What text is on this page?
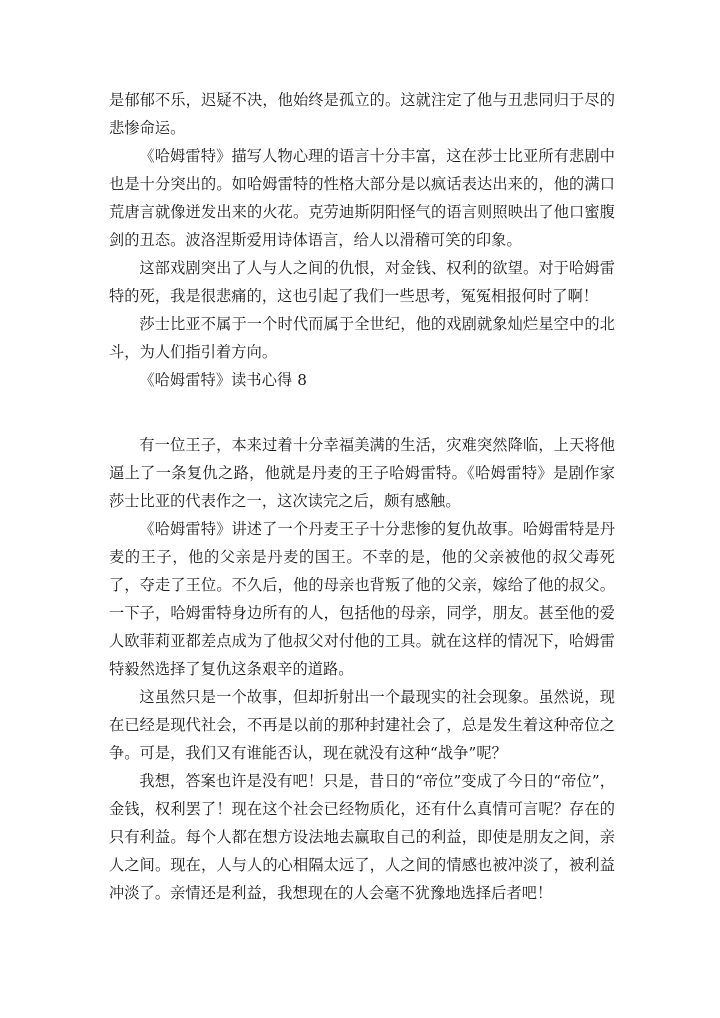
是郁郁不乐，迟疑不决，他始终是孤立的。这就注定了他与丑悲同归于尽的悲惨命运。

《哈姆雷特》描写人物心理的语言十分丰富，这在莎士比亚所有悲剧中也是十分突出的。如哈姆雷特的性格大部分是以疯话表达出来的，他的满口荒唐言就像迸发出来的火花。克劳迪斯阴阳怪气的语言则照映出了他口蜜腹剑的丑态。波洛涅斯爱用诗体语言，给人以滑稽可笑的印象。

这部戏剧突出了人与人之间的仇恨，对金钱、权利的欲望。对于哈姆雷特的死，我是很悲痛的，这也引起了我们一些思考，冤冤相报何时了啊！

莎士比亚不属于一个时代而属于全世纪，他的戏剧就象灿烂星空中的北斗，为人们指引着方向。

《哈姆雷特》读书心得 8

有一位王子，本来过着十分幸福美满的生活，灾难突然降临，上天将他逼上了一条复仇之路，他就是丹麦的王子哈姆雷特。《哈姆雷特》是剧作家莎士比亚的代表作之一，这次读完之后，颇有感触。

《哈姆雷特》讲述了一个丹麦王子十分悲惨的复仇故事。哈姆雷特是丹麦的王子，他的父亲是丹麦的国王。不幸的是，他的父亲被他的叔父毒死了，夺走了王位。不久后，他的母亲也背叛了他的父亲，嫁给了他的叔父。一下子，哈姆雷特身边所有的人，包括他的母亲，同学，朋友。甚至他的爱人欧菲莉亚都差点成为了他叔父对付他的工具。就在这样的情况下，哈姆雷特毅然选择了复仇这条艰辛的道路。

这虽然只是一个故事，但却折射出一个最现实的社会现象。虽然说，现在已经是现代社会，不再是以前的那种封建社会了，总是发生着这种帝位之争。可是，我们又有谁能否认，现在就没有这种“战争”呢？

我想，答案也许是没有吧！只是，昔日的“帝位”变成了今日的“帝位”，金钱，权利罢了！现在这个社会已经物质化，还有什么真情可言呢？存在的只有利益。每个人都在想方设法地去赢取自己的利益，即使是朋友之间，亲人之间。现在，人与人的心相隔太远了，人之间的情感也被冲淡了，被利益冲淡了。亲情还是利益，我想现在的人会毫不犹豫地选择后者吧！
